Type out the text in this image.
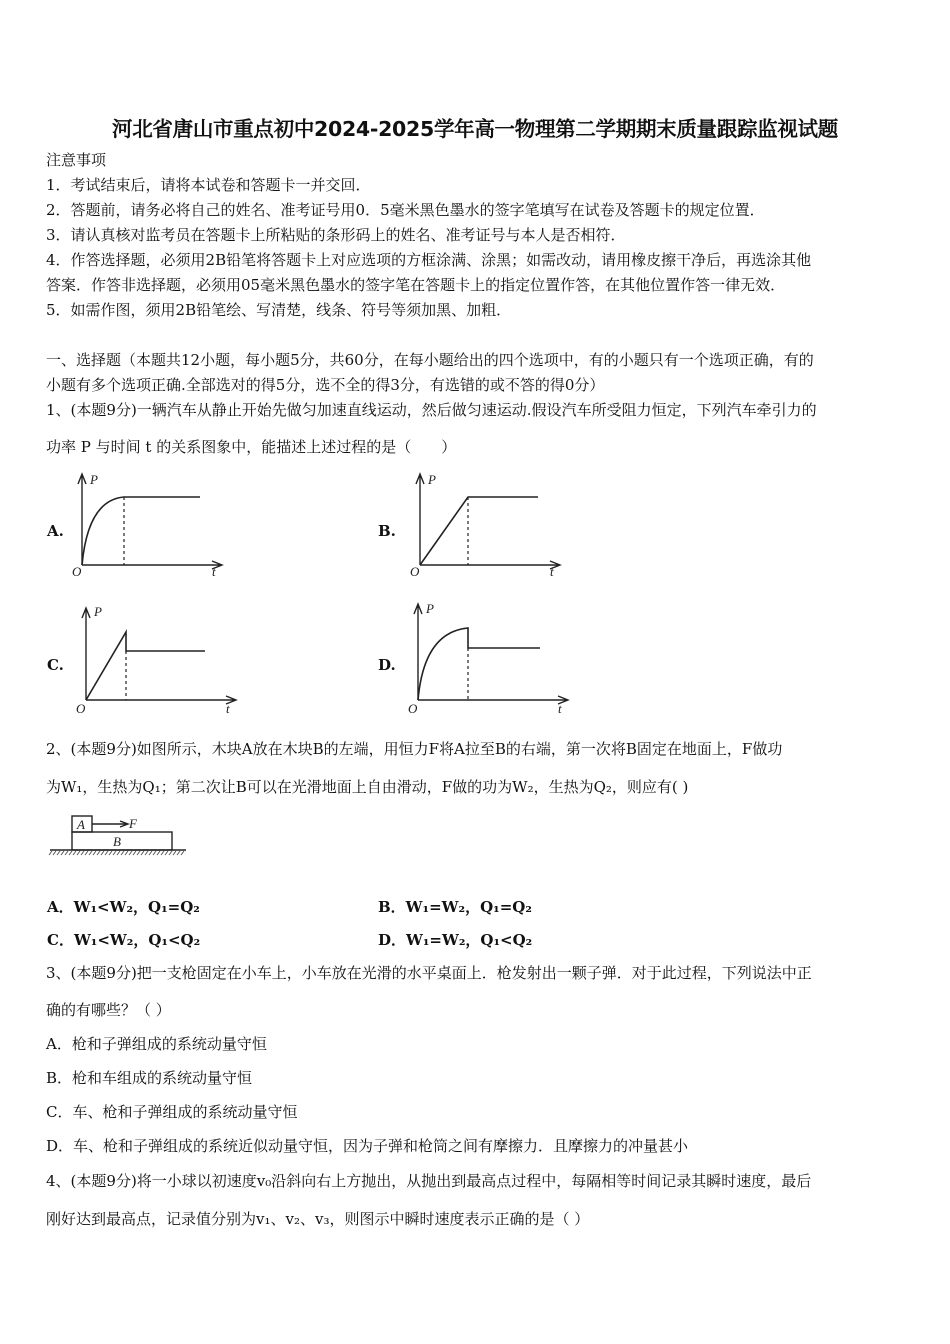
河北省唐山市重点初中2024-2025学年高一物理第二学期期末质量跟踪监视试题
注意事项
1．考试结束后，请将本试卷和答题卡一并交回．
2．答题前，请务必将自己的姓名、准考证号用0．5毫米黑色墨水的签字笔填写在试卷及答题卡的规定位置．
3．请认真核对监考员在答题卡上所粘贴的条形码上的姓名、准考证号与本人是否相符．
4．作答选择题，必须用2B铅笔将答题卡上对应选项的方框涂满、涂黑；如需改动，请用橡皮擦干净后，再选涂其他
答案．作答非选择题，必须用05毫米黑色墨水的签字笔在答题卡上的指定位置作答，在其他位置作答一律无效．
5．如需作图，须用2B铅笔绘、写清楚，线条、符号等须加黑、加粗．
一、选择题（本题共12小题，每小题5分，共60分，在每小题给出的四个选项中，有的小题只有一个选项正确，有的
小题有多个选项正确.全部选对的得5分，选不全的得3分，有选错的或不答的得0分）
1、(本题9分)一辆汽车从静止开始先做匀加速直线运动，然后做匀速运动.假设汽车所受阻力恒定，下列汽车牵引力的
功率 P 与时间 t 的关系图象中，能描述上述过程的是（　　）
A.	B.
C.	D.
P
t
O
P
t
O
P
t
O
P
t
O
A
B
F
2、(本题9分)如图所示，木块A放在木块B的左端，用恒力F将A拉至B的右端，第一次将B固定在地面上，F做功
为W₁，生热为Q₁；第二次让B可以在光滑地面上自由滑动，F做的功为W₂，生热为Q₂，则应有( )
A．W₁<W₂，Q₁=Q₂	B．W₁=W₂，Q₁=Q₂
C．W₁<W₂，Q₁<Q₂	D．W₁=W₂，Q₁<Q₂
3、(本题9分)把一支枪固定在小车上，小车放在光滑的水平桌面上．枪发射出一颗子弹．对于此过程，下列说法中正
确的有哪些？（ ）
A．枪和子弹组成的系统动量守恒
B．枪和车组成的系统动量守恒
C．车、枪和子弹组成的系统动量守恒
D．车、枪和子弹组成的系统近似动量守恒，因为子弹和枪筒之间有摩擦力．且摩擦力的冲量甚小
4、(本题9分)将一小球以初速度v₀沿斜向右上方抛出，从抛出到最高点过程中，每隔相等时间记录其瞬时速度，最后
刚好达到最高点，记录值分别为v₁、v₂、v₃，则图示中瞬时速度表示正确的是（ ）
